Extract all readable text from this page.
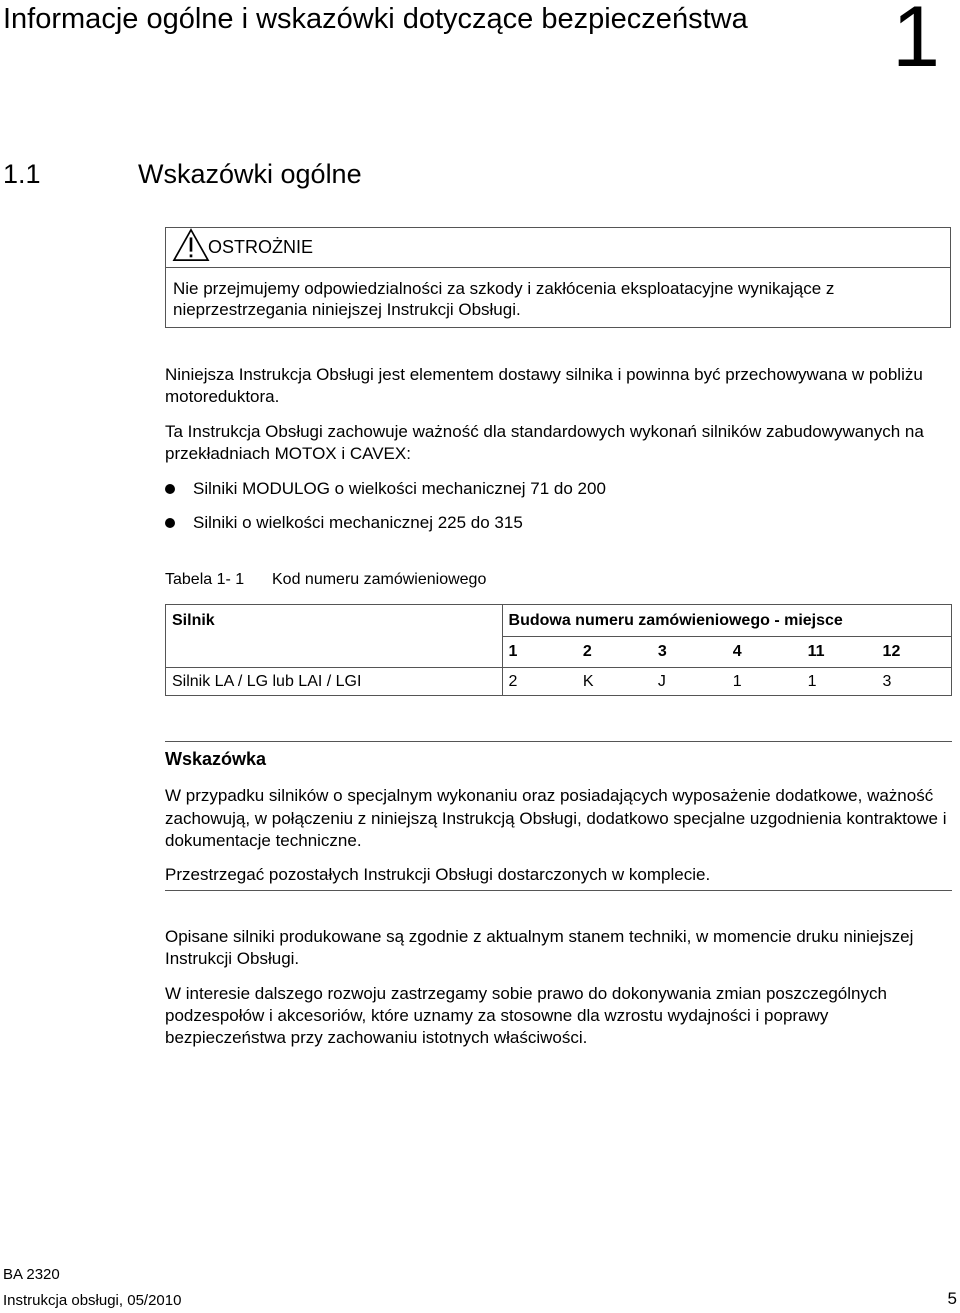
Informacje ogólne i wskazówki dotyczące bezpieczeństwa 1
1.1	Wskazówki ogólne
OSTROŻNIE
Nie przejmujemy odpowiedzialności za szkody i zakłócenia eksploatacyjne wynikające z nieprzestrzegania niniejszej Instrukcji Obsługi.

Niniejsza Instrukcja Obsługi jest elementem dostawy silnika i powinna być przechowywana w pobliżu motoreduktora.

Ta Instrukcja Obsługi zachowuje ważność dla standardowych wykonań silników zabudowywanych na przekładniach MOTOX i CAVEX:

Silniki MODULOG o wielkości mechanicznej 71 do 200
Silniki o wielkości mechanicznej 225 do 315
Tabela 1- 1 Kod numeru zamówieniowego
Silnik	Budowa numeru zamówieniowego - miejsce					
	1	2	3	4	11	12
Silnik LA / LG lub LAI / LGI	2	K	J	1	1	3
Wskazówka

W przypadku silników o specjalnym wykonaniu oraz posiadających wyposażenie dodatkowe, ważność zachowują, w połączeniu z niniejszą Instrukcją Obsługi, dodatkowo specjalne uzgodnienia kontraktowe i dokumentacje techniczne.

Przestrzegać pozostałych Instrukcji Obsługi dostarczonych w komplecie.

Opisane silniki produkowane są zgodnie z aktualnym stanem techniki, w momencie druku niniejszej Instrukcji Obsługi.

W interesie dalszego rozwoju zastrzegamy sobie prawo do dokonywania zmian poszczególnych podzespołów i akcesoriów, które uznamy za stosowne dla wzrostu wydajności i poprawy bezpieczeństwa przy zachowaniu istotnych właściwości.

BA 2320
Instrukcja obsługi, 05/2010	5
